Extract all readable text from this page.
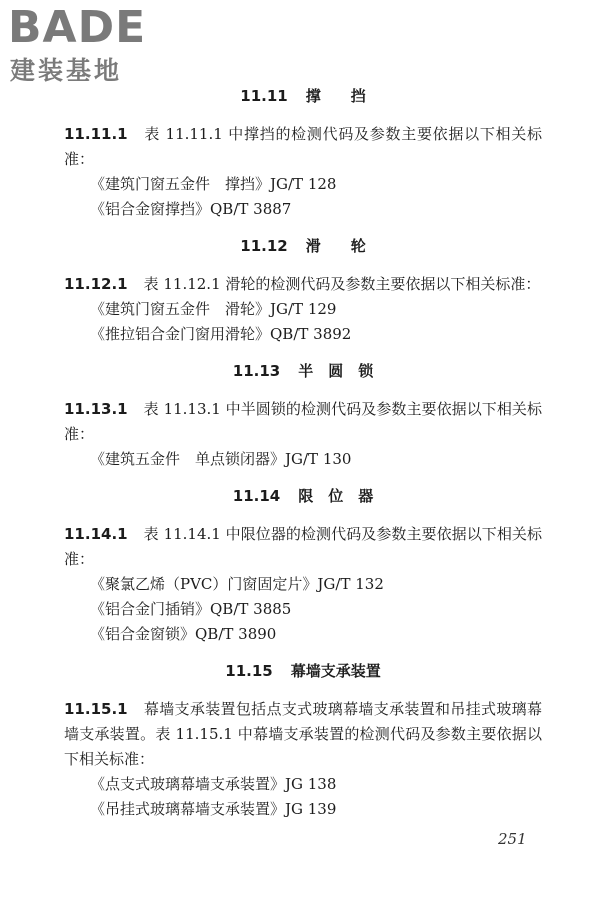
BADE
建装基地
11.11 撑　　挡

11.11.1 表 11.11.1 中撑挡的检测代码及参数主要依据以下相关标准：

《建筑门窗五金件　撑挡》JG/T 128

《铝合金窗撑挡》QB/T 3887

11.12 滑　　轮

11.12.1 表 11.12.1 滑轮的检测代码及参数主要依据以下相关标准：

《建筑门窗五金件　滑轮》JG/T 129

《推拉铝合金门窗用滑轮》QB/T 3892

11.13 半　圆　锁

11.13.1 表 11.13.1 中半圆锁的检测代码及参数主要依据以下相关标准：

《建筑五金件　单点锁闭器》JG/T 130

11.14 限　位　器

11.14.1 表 11.14.1 中限位器的检测代码及参数主要依据以下相关标准：

《聚氯乙烯（PVC）门窗固定片》JG/T 132

《铝合金门插销》QB/T 3885

《铝合金窗锁》QB/T 3890

11.15 幕墙支承装置

11.15.1 幕墙支承装置包括点支式玻璃幕墙支承装置和吊挂式玻璃幕墙支承装置。表 11.15.1 中幕墙支承装置的检测代码及参数主要依据以下相关标准：

《点支式玻璃幕墙支承装置》JG 138

《吊挂式玻璃幕墙支承装置》JG 139

251
